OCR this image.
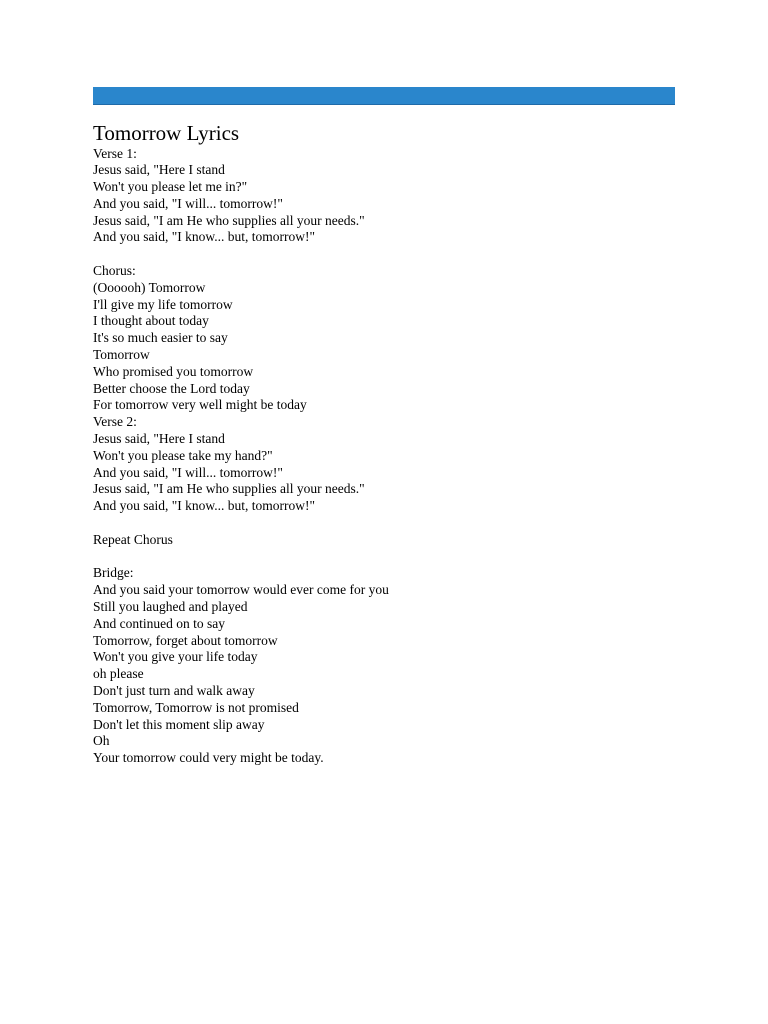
Tomorrow Lyrics
Verse 1:
Jesus said, "Here I stand
Won't you please let me in?"
And you said, "I will... tomorrow!"
Jesus said, "I am He who supplies all your needs."
And you said, "I know... but, tomorrow!"
Chorus:
(Oooooh) Tomorrow
I'll give my life tomorrow
I thought about today
It's so much easier to say
Tomorrow
Who promised you tomorrow
Better choose the Lord today
For tomorrow very well might be today
Verse 2:
Jesus said, "Here I stand
Won't you please take my hand?"
And you said, "I will... tomorrow!"
Jesus said, "I am He who supplies all your needs."
And you said, "I know... but, tomorrow!"
Repeat Chorus
Bridge:
And you said your tomorrow would ever come for you
Still you laughed and played
And continued on to say
Tomorrow, forget about tomorrow
Won't you give your life today
oh please
Don't just turn and walk away
Tomorrow, Tomorrow is not promised
Don't let this moment slip away
Oh
Your tomorrow could very might be today.
